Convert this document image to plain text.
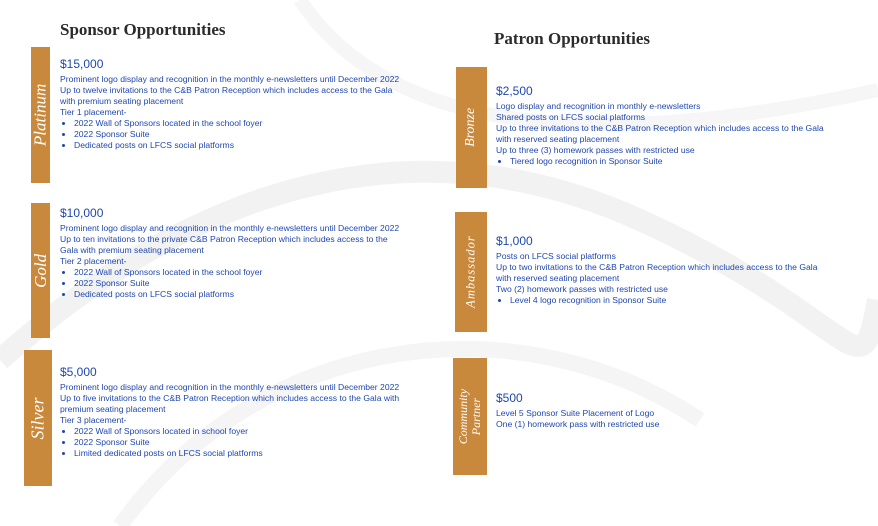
Sponsor Opportunities	Patron Opportunities
Platinum
$15,000
Prominent logo display and recognition in the monthly e-newsletters until December 2022
Up to twelve invitations to the C&B Patron Reception which includes access to the Gala
with premium seating placement
Tier 1 placement-
• 2022 Wall of Sponsors located in the school foyer
• 2022 Sponsor Suite
• Dedicated posts on LFCS social platforms
Gold
$10,000
Prominent logo display and recognition in the monthly e-newsletters until December 2022
Up to ten invitations to the private C&B Patron Reception which includes access to the
Gala with premium seating placement
Tier 2 placement-
• 2022 Wall of Sponsors located in the school foyer
• 2022 Sponsor Suite
• Dedicated posts on LFCS social platforms
Silver
$5,000
Prominent logo display and recognition in the monthly e-newsletters until December 2022
Up to five invitations to the C&B Patron Reception which includes access to the Gala with
premium seating placement
Tier 3 placement-
• 2022 Wall of Sponsors located in school foyer
• 2022 Sponsor Suite
• Limited dedicated posts on LFCS social platforms
Bronze
$2,500
Logo display and recognition in monthly e-newsletters
Shared posts on LFCS social platforms
Up to three invitations to the C&B Patron Reception which includes access to the Gala
with reserved seating placement
Up to three (3) homework passes with restricted use
• Tiered logo recognition in Sponsor Suite
Ambassador $1,000
Posts on LFCS social platforms
Up to two invitations to the C&B Patron Reception which includes access to the Gala
with reserved seating placement
Two (2) homework passes with restricted use
• Level 4 logo recognition in Sponsor Suite
Community
Partner $500
Level 5 Sponsor Suite Placement of Logo
One (1) homework pass with restricted use
